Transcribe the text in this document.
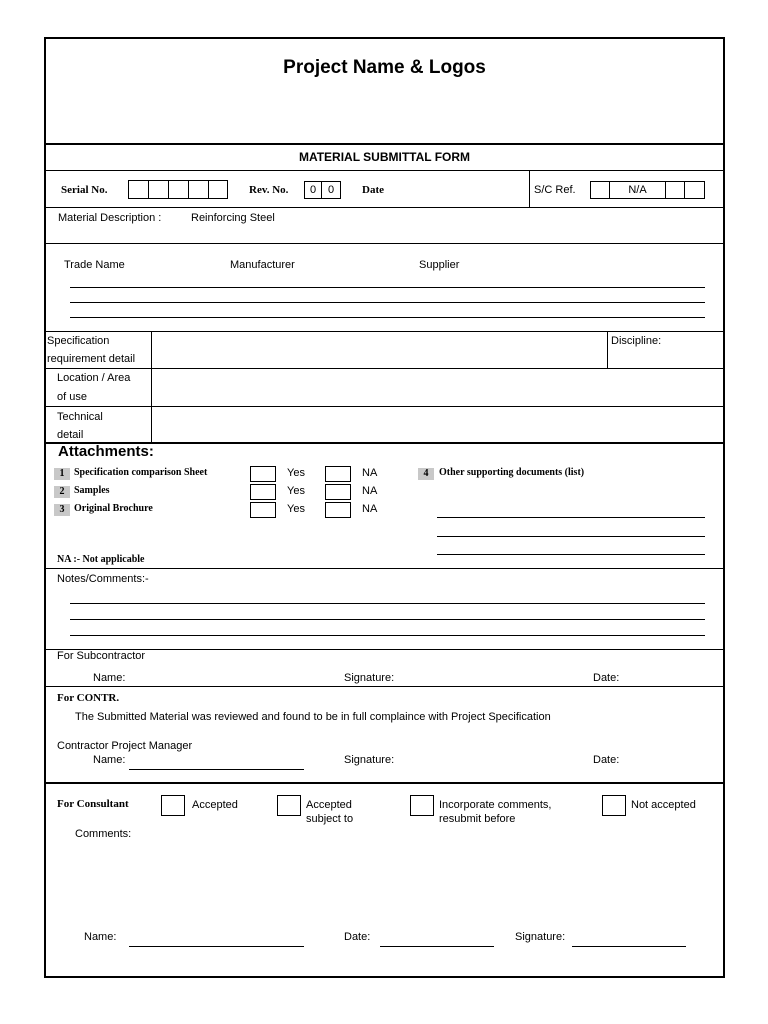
Project Name & Logos
MATERIAL SUBMITTAL FORM
Serial No.	Rev. No.	0	0	Date	S/C Ref.	N/A
Material Description :	Reinforcing Steel
Trade Name	Manufacturer	Supplier
Specification
requirement detail
Discipline:
Location / Area
of use
Technical
detail
Attachments:
1 Specification comparison Sheet	Yes	NA
2 Samples	Yes	NA
3 Original Brochure	Yes	NA
4	Other supporting documents (list)
NA :- Not applicable
Notes/Comments:-
For Subcontractor
Name:	Signature:	Date:
For CONTR.
The Submitted Material was reviewed and found to be in full complaince with Project Specification
Contractor Project Manager
Name:	Signature:	Date:
For Consultant	Accepted	Accepted
subject to
Incorporate comments,
resubmit before
Not accepted
Comments:
Name:	Date:	Signature:
